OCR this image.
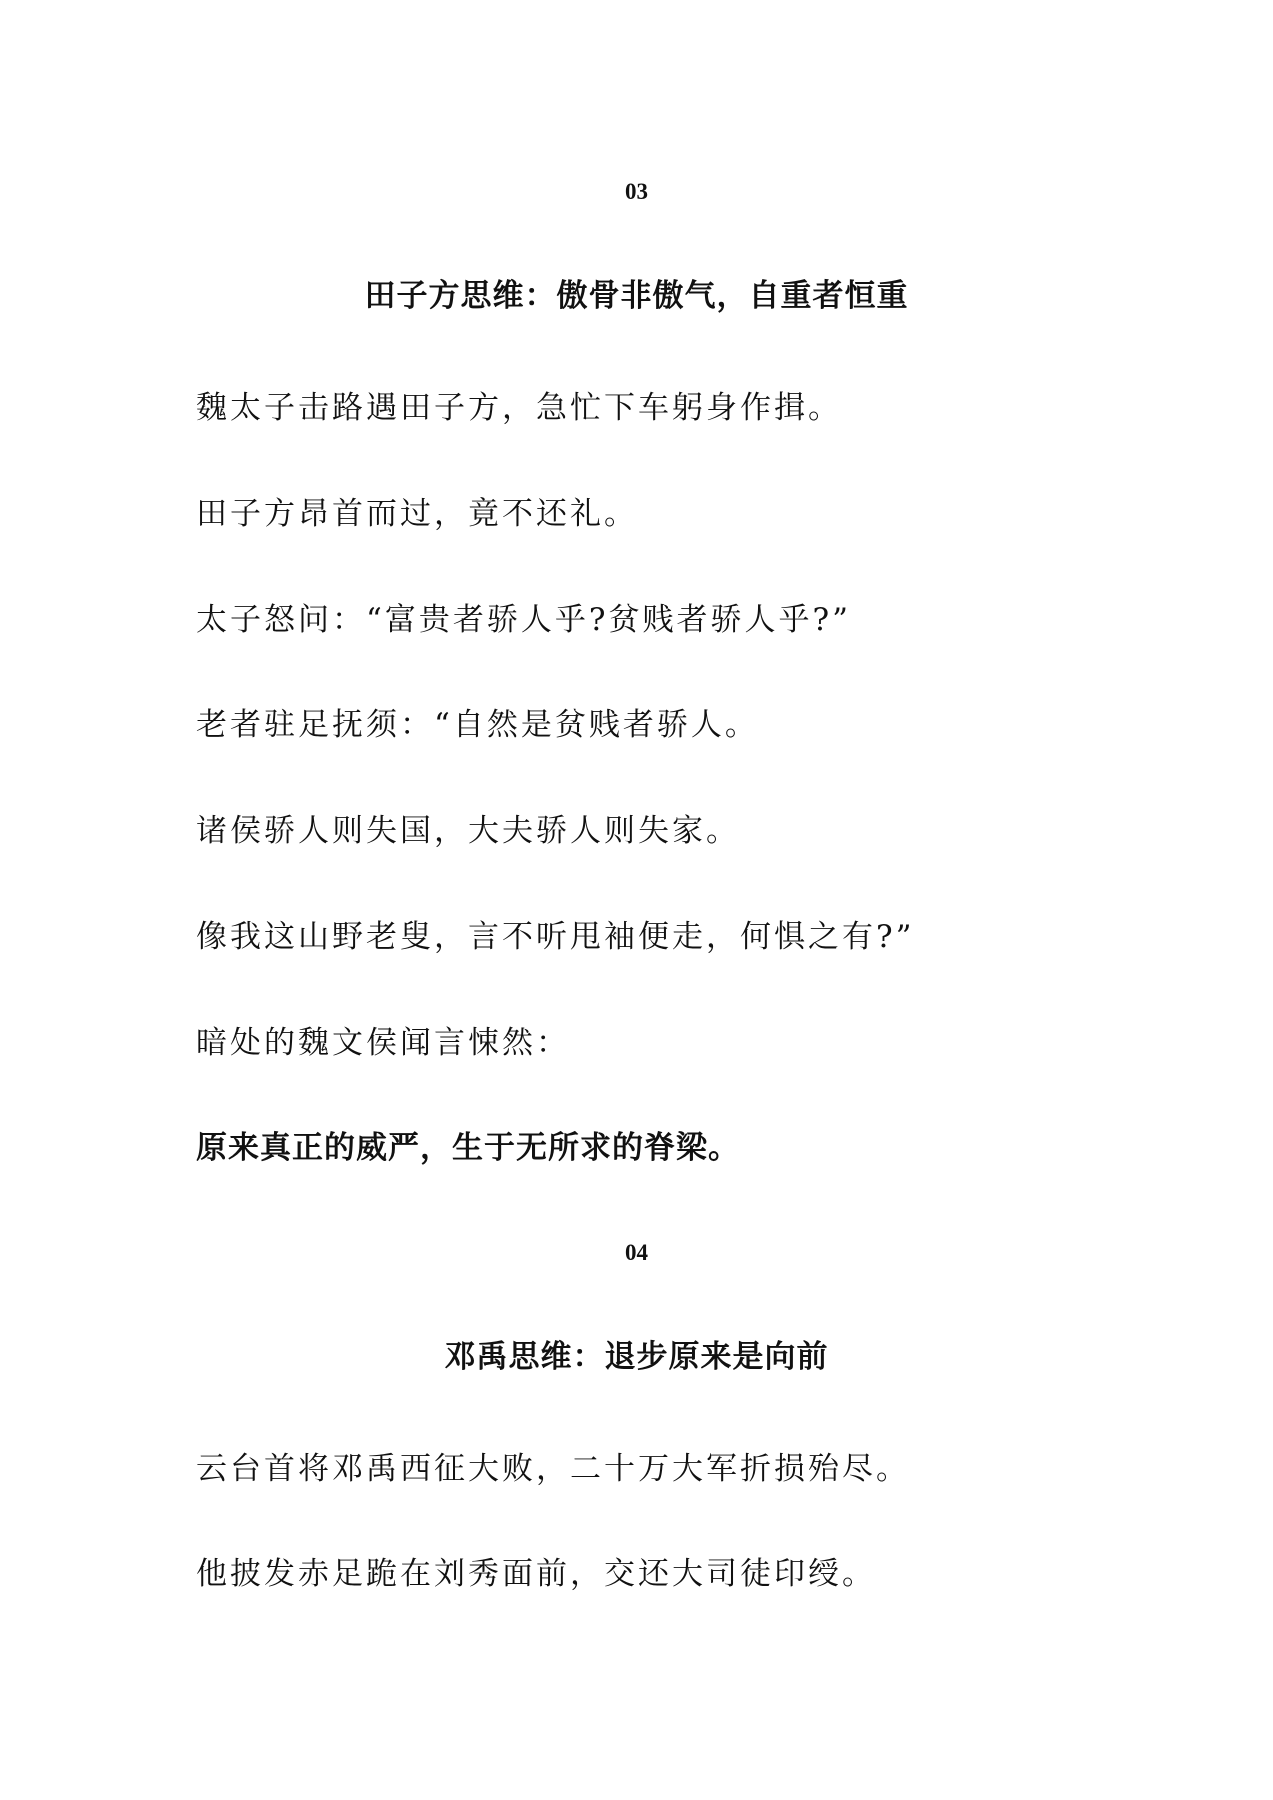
03
田子方思维：傲骨非傲气，自重者恒重
魏太子击路遇田子方，急忙下车躬身作揖。
田子方昂首而过，竟不还礼。
太子怒问：“富贵者骄人乎?贫贱者骄人乎?”
老者驻足抚须：“自然是贫贱者骄人。
诸侯骄人则失国，大夫骄人则失家。
像我这山野老叟，言不听甩袖便走，何惧之有?”
暗处的魏文侯闻言悚然：
原来真正的威严，生于无所求的脊梁。
04
邓禹思维：退步原来是向前
云台首将邓禹西征大败，二十万大军折损殆尽。
他披发赤足跪在刘秀面前，交还大司徒印绶。
